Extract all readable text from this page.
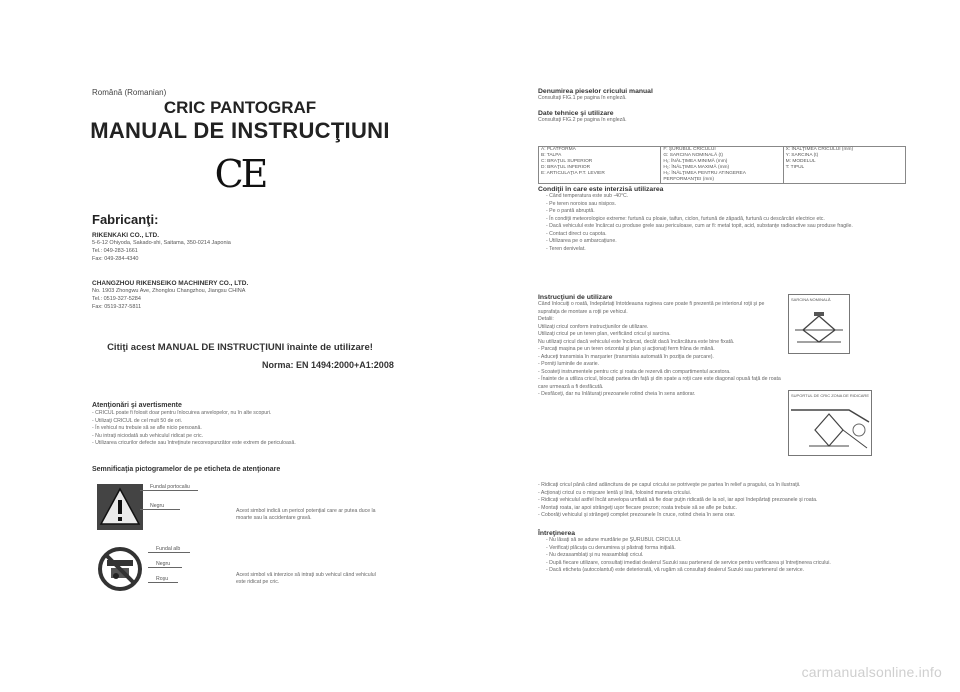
Română (Romanian)
CRIC PANTOGRAF
MANUAL DE INSTRUCŢIUNI
CE
Fabricanţi:
RIKENKAKI CO., LTD.
5-6-12 Ohiyoda, Sakado-shi, Saitama, 350-0214 Japonia
Tel.: 049-283-1661
Fax: 049-284-4340
CHANGZHOU RIKENSEIKO MACHINERY CO., LTD.
No. 1903 Zhongwu Ave, Zhonglou Changzhou, Jiangsu CHINA
Tel.: 0519-327-5284
Fax: 0519-327-5811
Citiţi acest MANUAL DE INSTRUCŢIUNI înainte de utilizare!
Norma: EN 1494:2000+A1:2008
Atenţionări şi avertismente
- CRICUL poate fi folosit doar pentru înlocuirea anvelopelor, nu în alte scopuri.
- Utilizaţi CRICUL de cel mult 50 de ori.
- În vehicul nu trebuie să se afle nicio persoană.
- Nu intraţi niciodată sub vehiculul ridicat pe cric.
- Utilizarea cricurilor defecte sau întreţinute necorespunzător este extrem de periculoasă.
Semnificaţia pictogramelor de pe eticheta de atenţionare
Fundal portocaliu
Negru
Acest simbol indică un pericol potenţial care ar putea duce la moarte sau la accidentare gravă.
Fundal alb
Negru
Roşu
Acest simbol vă interzice să intraţi sub vehicul când vehiculul este ridicat pe cric.
Denumirea pieselor cricului manual
Consultaţi FIG.1 pe pagina în engleză.
Date tehnice şi utilizare
Consultaţi FIG.2 pe pagina în engleză.
A: PLATFORMA
B: TALPA
C: BRAŢUL SUPERIOR
D: BRAŢUL INFERIOR
E: ARTICULAŢIA P.T. LEVIER

F: ŞURUBUL CRICULUI
G: SARCINA NOMINALĂ (t)
H₁: ÎNĂLŢIMEA MINIMĂ (mm)
H₂: ÎNĂLŢIMEA MAXIMĂ (mm)
H₃: ÎNĂLŢIMEA PENTRU ATINGEREA PERFORMANŢEI (mm)

X: ÎNĂLŢIMEA CRICULUI (mm)
Y: SARCINA (t)
M: MODELUL
T: TIPUL
Condiţii în care este interzisă utilizarea
- Când temperatura este sub -40°C.
- Pe teren noroios sau nisipos.
- Pe o pantă abruptă.
- În condiţii meteorologice extreme: furtună cu ploaie, taifun, ciclon, furtună de zăpadă, furtună cu descărcări electrice etc.
- Dacă vehiculul este încărcat cu produse grele sau periculoase, cum ar fi: metal topit, acid, substanţe radioactive sau produse fragile.
- Contact direct cu capota.
- Utilizarea pe o ambarcaţiune.
- Teren denivelat.
Instrucţiuni de utilizare
Când înlocuiţi o roată, îndepărtaţi întotdeauna ruginea care poate fi prezentă pe interiorul roţii şi pe suprafaţa de montare a roţii pe vehicul.
Detalii:
Utilizaţi cricul conform instrucţiunilor de utilizare.
Utilizaţi cricul pe un teren plan, verificând cricul şi sarcina.
Nu utilizaţi cricul dacă vehiculul este încărcat, decât dacă încărcătura este bine fixată.
- Parcaţi maşina pe un teren orizontal şi plan şi acţionaţi ferm frâna de mână.
- Aduceţi transmisia în marşarier (transmisia automată în poziţia de parcare).
- Porniţi luminile de avarie.
- Scoateţi instrumentele pentru cric şi roata de rezervă din compartimentul acestora.
- Înainte de a utiliza cricul, blocaţi partea din faţă şi din spate a roţii care este diagonal opusă faţă de roata care urmează a fi desfăcută.
- Desfăceţi, dar nu înlăturaţi prezoanele rotind cheia în sens antiorar.
- Ridicaţi cricul până când adâncitura de pe capul cricului se potriveşte pe partea în relief a pragului, ca în ilustraţii.
- Acţionaţi cricul cu o mişcare lentă şi lină, folosind maneta cricului.
- Ridicaţi vehiculul astfel încât anvelopa umflată să fie doar puţin ridicată de la sol, iar apoi îndepărtaţi prezoanele şi roata.
- Montaţi roata, iar apoi strângeţi uşor fiecare prezon; roata trebuie să se afle pe butuc.
- Coborâţi vehiculul şi strângeţi complet prezoanele în cruce, rotind cheia în sens orar.
SARCINA NOMINALĂ
SUPORTUL DE CRIC ZONA DE RIDICARE
Întreţinerea
- Nu lăsaţi să se adune murdărie pe ŞURUBUL CRICULUI.
- Verificaţi plăcuţa cu denumirea şi păstraţi forma iniţială.
- Nu dezasamblaţi şi nu reasamblaţi cricul.
- După fiecare utilizare, consultaţi imediat dealerul Suzuki sau partenerul de service pentru verificarea şi întreţinerea cricului.
- Dacă eticheta (autocolantul) este deteriorată, vă rugăm să consultaţi dealerul Suzuki sau partenerul de service.
carmanualsonline.info
